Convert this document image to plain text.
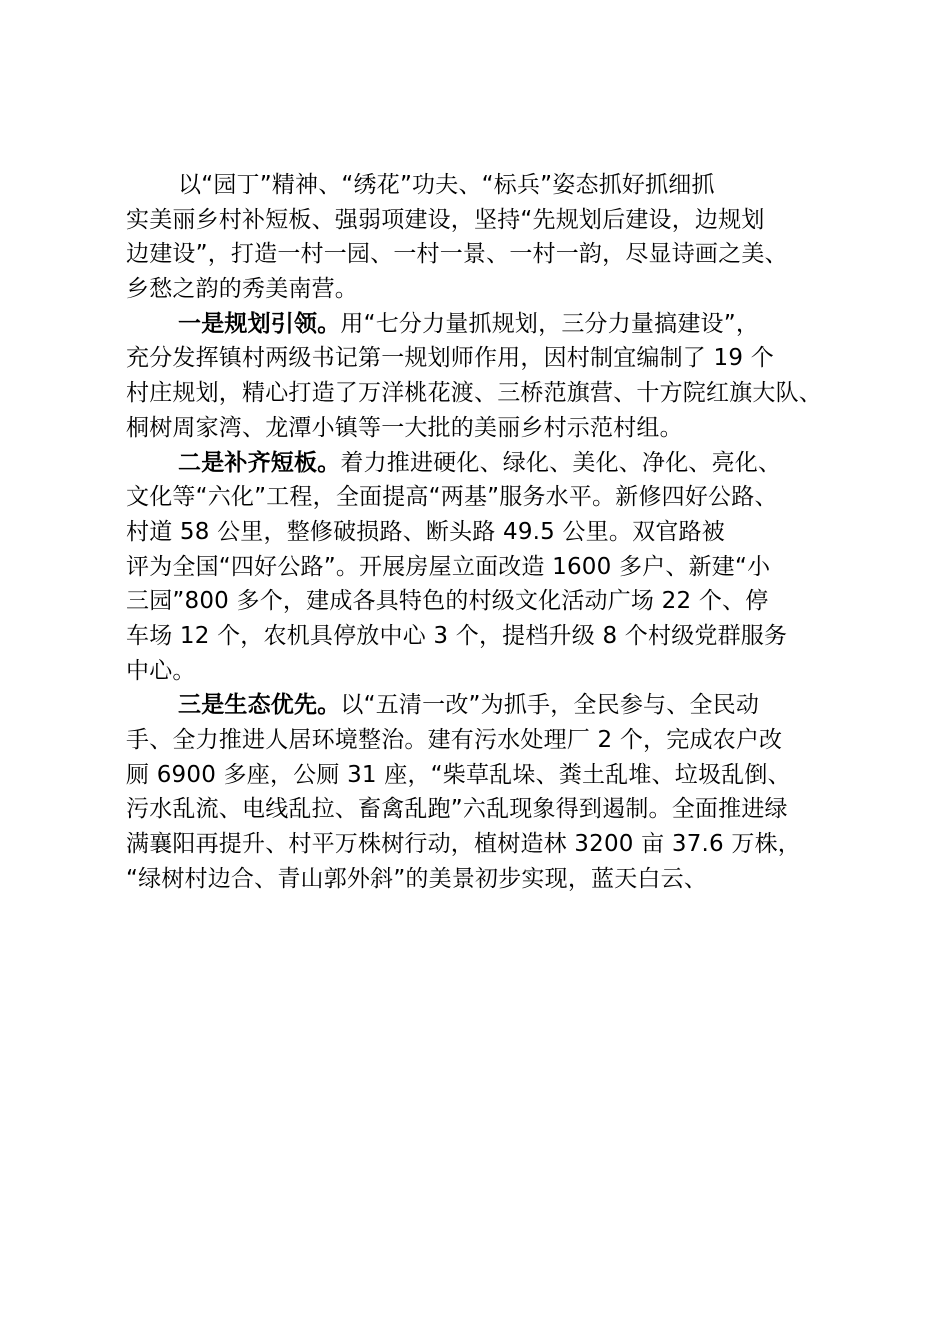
以“园丁”精神、“绣花”功夫、“标兵”姿态抓好抓细抓
实美丽乡村补短板、强弱项建设，坚持“先规划后建设，边规划
边建设”，打造一村一园、一村一景、一村一韵，尽显诗画之美、
乡愁之韵的秀美南营。
一是规划引领。用“七分力量抓规划，三分力量搞建设”，
充分发挥镇村两级书记第一规划师作用，因村制宜编制了 19 个
村庄规划，精心打造了万洋桃花渡、三桥范旗营、十方院红旗大队、
桐树周家湾、龙潭小镇等一大批的美丽乡村示范村组。
二是补齐短板。着力推进硬化、绿化、美化、净化、亮化、
文化等“六化”工程，全面提高“两基”服务水平。新修四好公路、
村道 58 公里，整修破损路、断头路 49.5 公里。双官路被
评为全国“四好公路”。开展房屋立面改造 1600 多户、新建“小
三园”800 多个，建成各具特色的村级文化活动广场 22 个、停
车场 12 个，农机具停放中心 3 个，提档升级 8 个村级党群服务
中心。
三是生态优先。以“五清一改”为抓手，全民参与、全民动
手、全力推进人居环境整治。建有污水处理厂 2 个，完成农户改
厕 6900 多座，公厕 31 座，“柴草乱垛、粪土乱堆、垃圾乱倒、
污水乱流、电线乱拉、畜禽乱跑”六乱现象得到遏制。全面推进绿
满襄阳再提升、村平万株树行动，植树造林 3200 亩 37.6 万株，
“绿树村边合、青山郭外斜”的美景初步实现，蓝天白云、
